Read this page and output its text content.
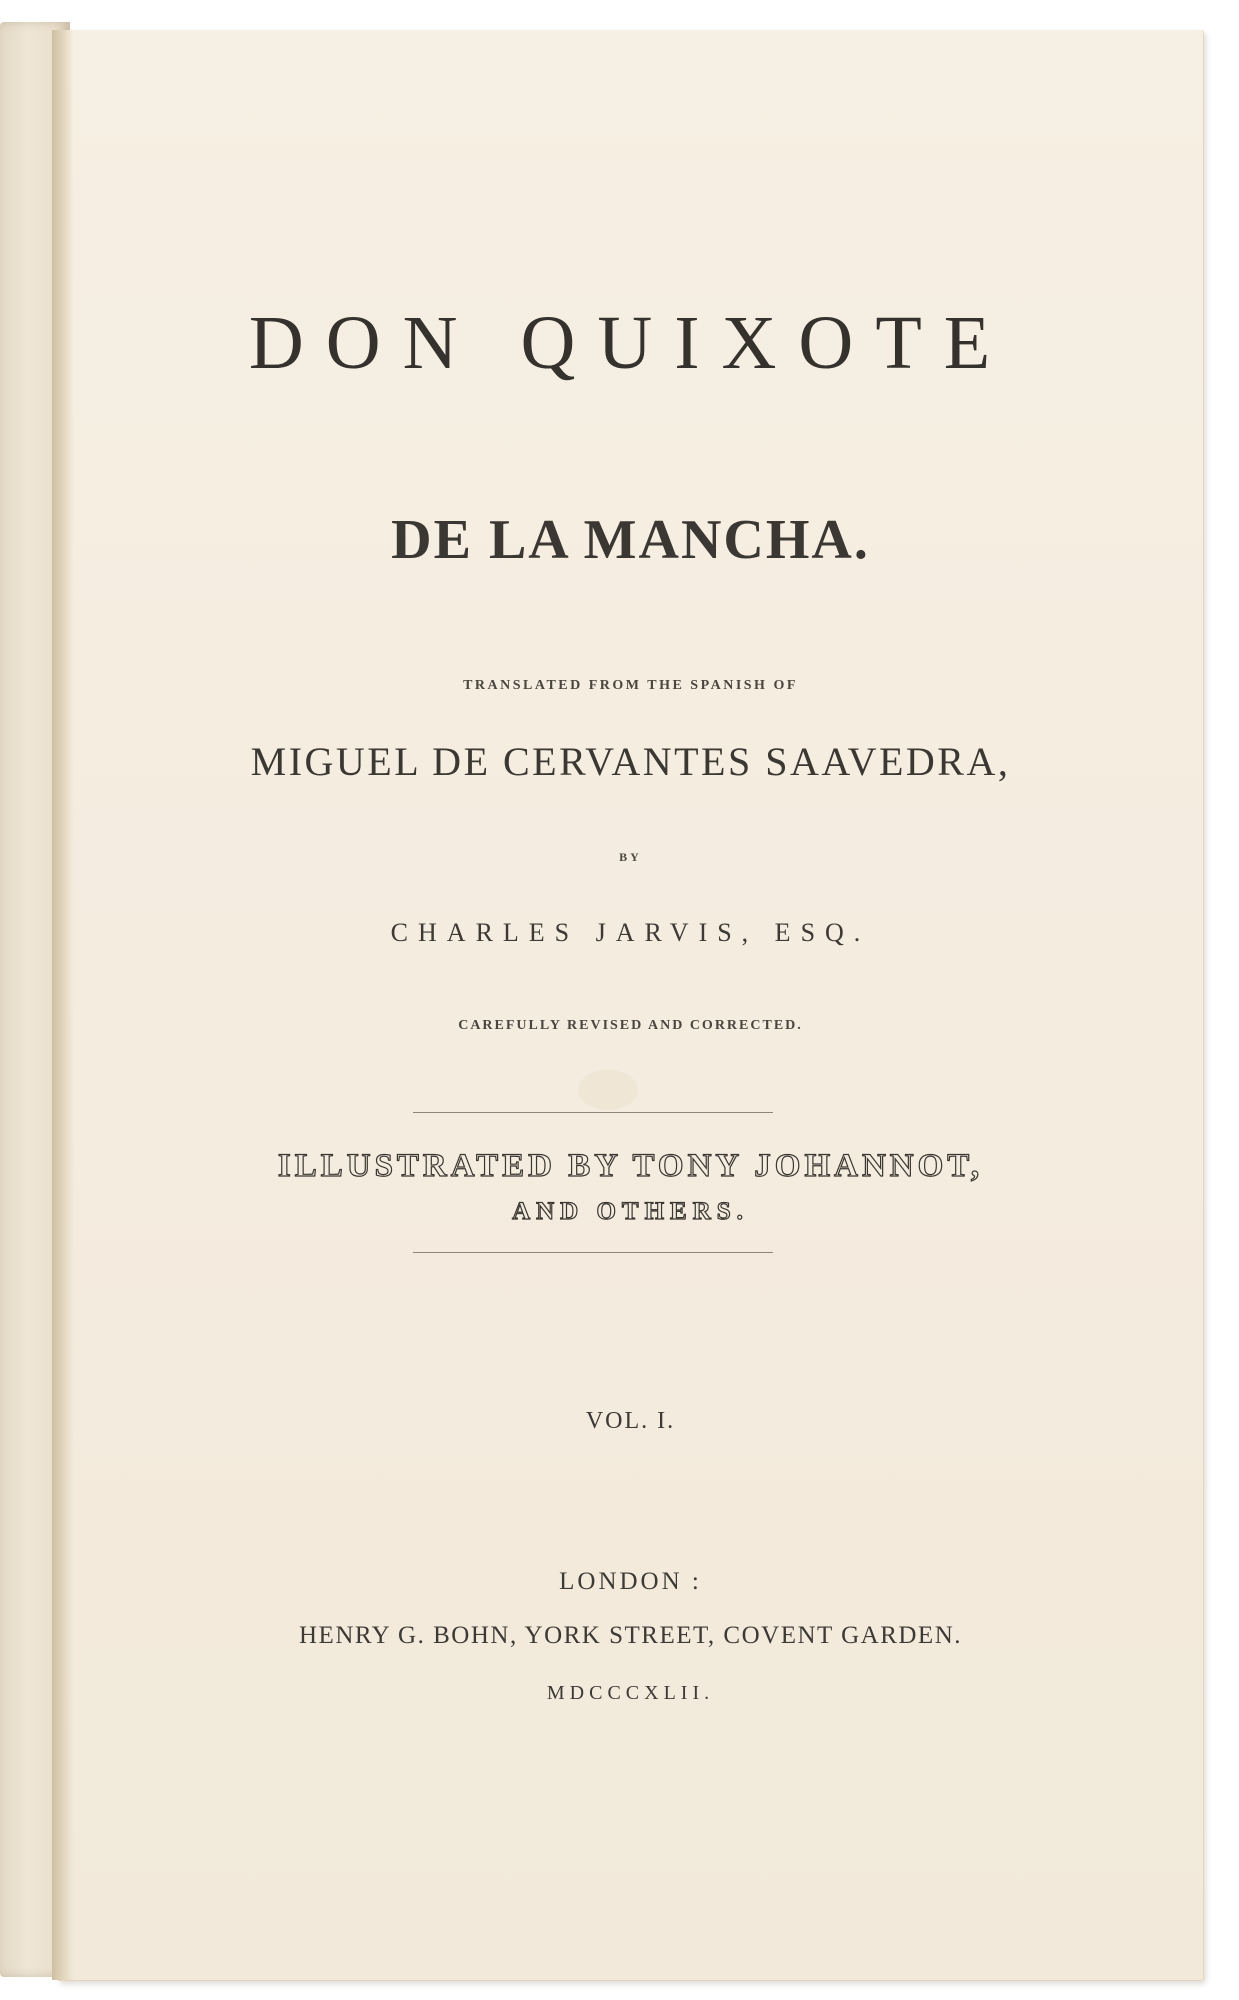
DON QUIXOTE
DE LA MANCHA.
TRANSLATED FROM THE SPANISH OF
MIGUEL DE CERVANTES SAAVEDRA,
BY
CHARLES JARVIS, ESQ.
CAREFULLY REVISED AND CORRECTED.
ILLUSTRATED BY TONY JOHANNOT,
AND OTHERS.
VOL. I.
LONDON :
HENRY G. BOHN, YORK STREET, COVENT GARDEN.
MDCCCXLII.
